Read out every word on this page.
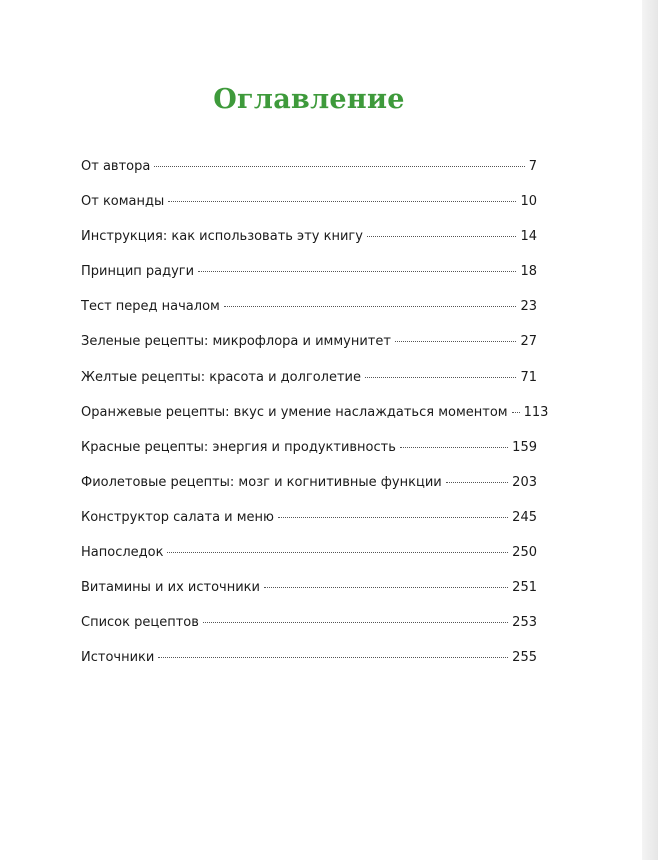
Оглавление
От автора	7
От команды	10
Инструкция: как использовать эту книгу	14
Принцип радуги	18
Тест перед началом	23
Зеленые рецепты: микрофлора и иммунитет	27
Желтые рецепты: красота и долголетие	71
Оранжевые рецепты: вкус и умение наслаждаться моментом 113
Красные рецепты: энергия и продуктивность	159
Фиолетовые рецепты: мозг и когнитивные функции	203
Конструктор салата и меню	245
Напоследок	250
Витамины и их источники	251
Список рецептов	253
Источники	255
